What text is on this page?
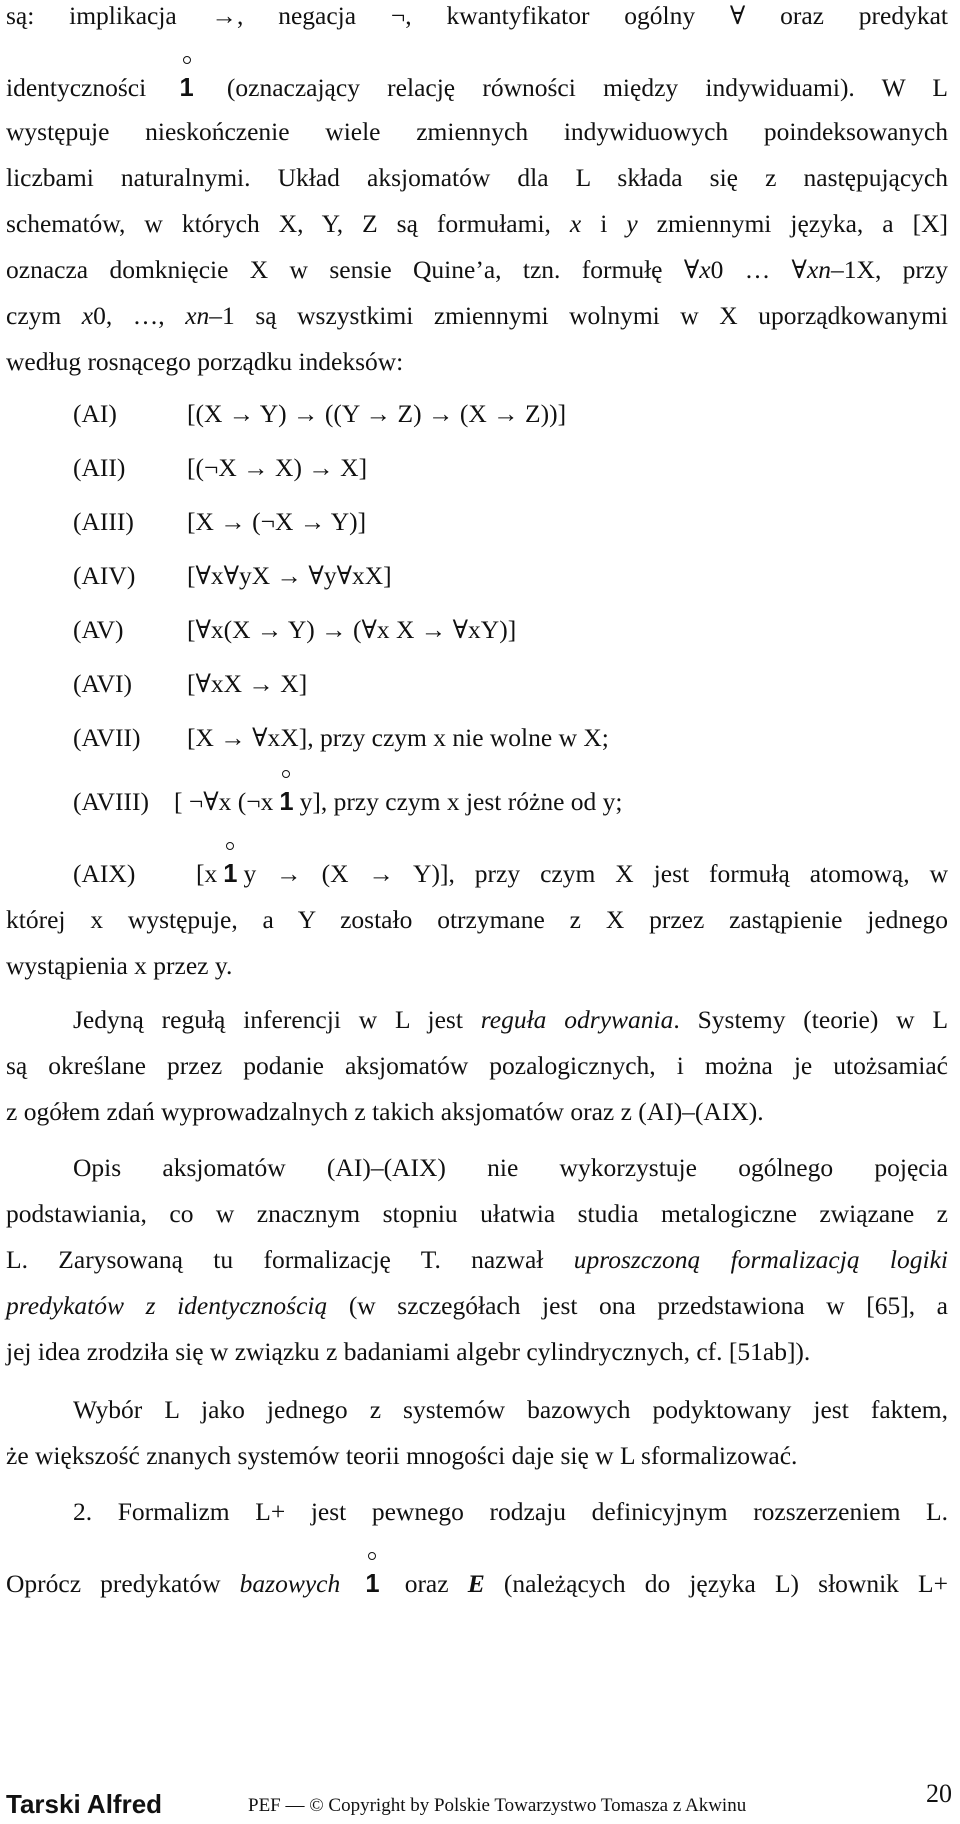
są: implikacja →, negacja ¬, kwantyfikator ogólny ∀ oraz predykat
identyczności 1 (oznaczający relację równości między indywiduami). W L
występuje nieskończenie wiele zmiennych indywiduowych poindeksowanych
liczbami naturalnymi. Układ aksjomatów dla L składa się z następujących
schematów, w których X, Y, Z są formułami, x i y zmiennymi języka, a [X]
oznacza domknięcie X w sensie Quine’a, tzn. formułę ∀x0 … ∀xn–1X, przy
czym x0, …, xn–1 są wszystkimi zmiennymi wolnymi w X uporządkowanymi
według rosnącego porządku indeksów:
(AI)	[(X → Y) → ((Y → Z) → (X → Z))]
(AII) [(¬X → X) → X]
(AIII) [X → (¬X → Y)]
(AIV) [∀x∀yX → ∀y∀xX]
(AV) [∀x(X → Y) → (∀x X → ∀xY)]
(AVI) [∀xX → X]
(AVII) [X → ∀xX], przy czym x nie wolne w X;
(AVIII) [ ¬∀x (¬x 1 y], przy czym x jest różne od y;
(AIX) [x 1 y → (X → Y)], przy czym X jest formułą atomową, w
której x występuje, a Y zostało otrzymane z X przez zastąpienie jednego
wystąpienia x przez y.
Jedyną regułą inferencji w L jest reguła odrywania. Systemy (teorie) w L
są określane przez podanie aksjomatów pozalogicznych, i można je utożsamiać
z ogółem zdań wyprowadzalnych z takich aksjomatów oraz z (AI)–(AIX).
Opis aksjomatów (AI)–(AIX) nie wykorzystuje ogólnego pojęcia
podstawiania, co w znacznym stopniu ułatwia studia metalogiczne związane z
L. Zarysowaną tu formalizację T. nazwał uproszczoną formalizacją logiki
predykatów z identycznością (w szczegółach jest ona przedstawiona w [65], a
jej idea zrodziła się w związku z badaniami algebr cylindrycznych, cf. [51ab]).
Wybór L jako jednego z systemów bazowych podyktowany jest faktem,
że większość znanych systemów teorii mnogości daje się w L sformalizować.
2. Formalizm L+ jest pewnego rodzaju definicyjnym rozszerzeniem L.
Oprócz predykatów bazowych 1 oraz E (należących do języka L) słownik L+
Tarski Alfred	PEF — © Copyright by Polskie Towarzystwo Tomasza z Akwinu	20
